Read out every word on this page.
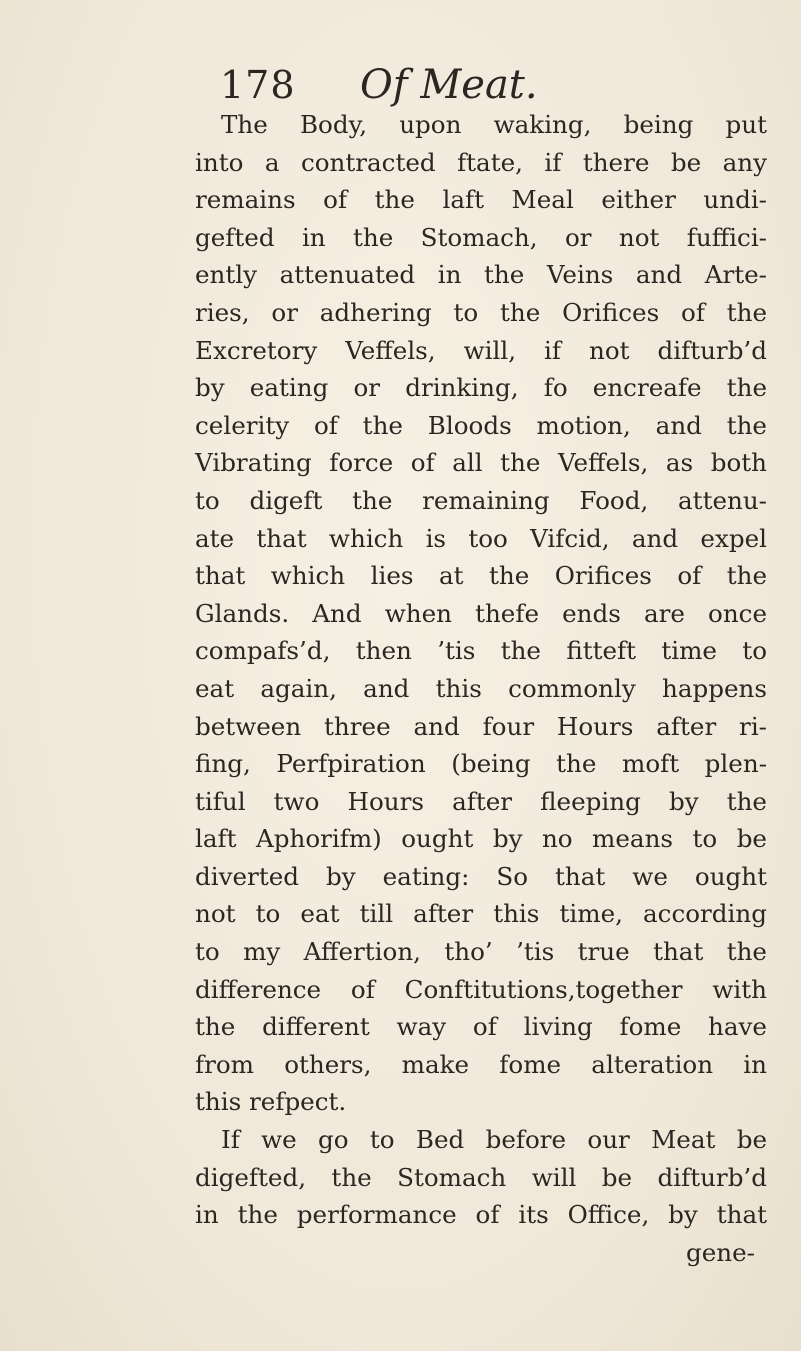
178 Of Meat.
The Body, upon waking, being put
into a contracted ftate, if there be any
remains of the laft Meal either undi-
gefted in the Stomach, or not fuffici-
ently attenuated in the Veins and Arte-
ries, or adhering to the Orifices of the
Excretory Veffels, will, if not difturb’d
by eating or drinking, fo encreafe the
celerity of the Bloods motion, and the
Vibrating force of all the Veffels, as both
to digeft the remaining Food, attenu-
ate that which is too Vifcid, and expel
that which lies at the Orifices of the
Glands. And when thefe ends are once
compafs’d, then ’tis the fitteft time to
eat again, and this commonly happens
between three and four Hours after ri-
fing, Perfpiration (being the moft plen-
tiful two Hours after fleeping by the
laft Aphorifm) ought by no means to be
diverted by eating: So that we ought
not to eat till after this time, according
to my Affertion, tho’ ’tis true that the
difference of Conftitutions,together with
the different way of living fome have
from others, make fome alteration in
this refpect.
If we go to Bed before our Meat be
digefted, the Stomach will be difturb’d
in the performance of its Office, by that
gene-
